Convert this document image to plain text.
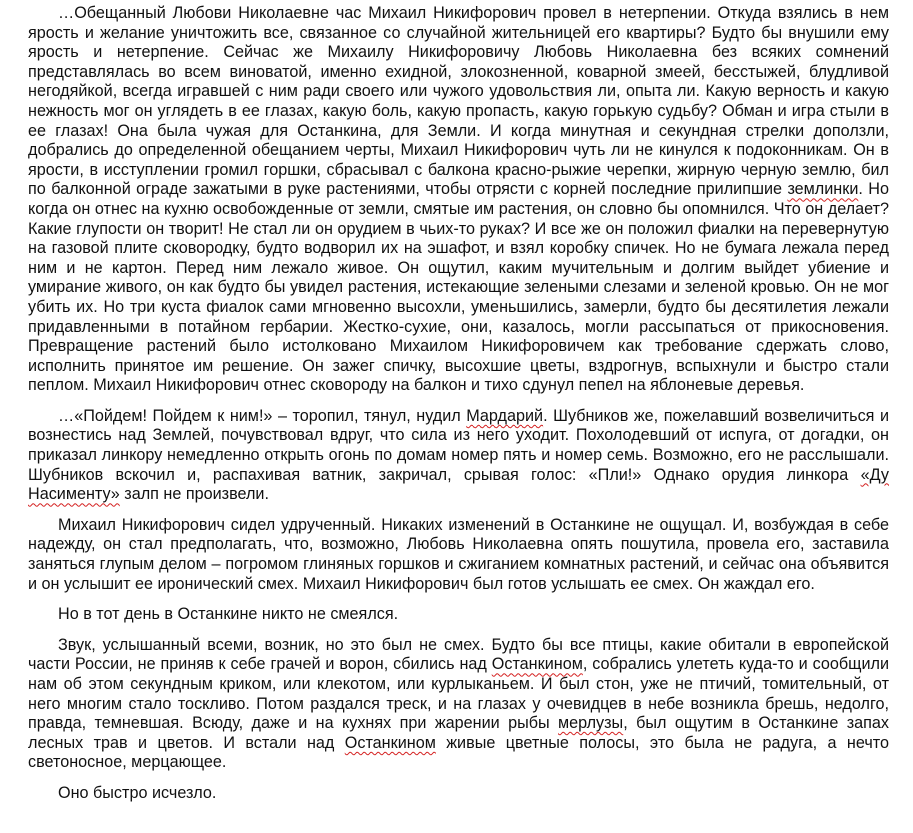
…Обещанный Любови Николаевне час Михаил Никифорович провел в нетерпении. Откуда взялись в нем ярость и желание уничтожить все, связанное со случайной жительницей его квартиры? Будто бы внушили ему ярость и нетерпение. Сейчас же Михаилу Никифоровичу Любовь Николаевна без всяких сомнений представлялась во всем виноватой, именно ехидной, злокозненной, коварной змеей, бесстыжей, блудливой негодяйкой, всегда игравшей с ним ради своего или чужого удовольствия ли, опыта ли. Какую верность и какую нежность мог он углядеть в ее глазах, какую боль, какую пропасть, какую горькую судьбу? Обман и игра стыли в ее глазах! Она была чужая для Останкина, для Земли. И когда минутная и секундная стрелки доползли, добрались до определенной обещанием черты, Михаил Никифорович чуть ли не кинулся к подоконникам. Он в ярости, в исступлении громил горшки, сбрасывал с балкона красно-рыжие черепки, жирную черную землю, бил по балконной ограде зажатыми в руке растениями, чтобы отрясти с корней последние прилипшие землинки. Но когда он отнес на кухню освобожденные от земли, смятые им растения, он словно бы опомнился. Что он делает? Какие глупости он творит! Не стал ли он орудием в чьих-то руках? И все же он положил фиалки на перевернутую на газовой плите сковородку, будто водворил их на эшафот, и взял коробку спичек. Но не бумага лежала перед ним и не картон. Перед ним лежало живое. Он ощутил, каким мучительным и долгим выйдет убиение и умирание живого, он как будто бы увидел растения, истекающие зелеными слезами и зеленой кровью. Он не мог убить их. Но три куста фиалок сами мгновенно высохли, уменьшились, замерли, будто бы десятилетия лежали придавленными в потайном гербарии. Жестко-сухие, они, казалось, могли рассыпаться от прикосновения. Превращение растений было истолковано Михаилом Никифоровичем как требование сдержать слово, исполнить принятое им решение. Он зажег спичку, высохшие цветы, вздрогнув, вспыхнули и быстро стали пеплом. Михаил Никифорович отнес сковороду на балкон и тихо сдунул пепел на яблоневые деревья.

…«Пойдем! Пойдем к ним!» – торопил, тянул, нудил Мардарий. Шубников же, пожелавший возвеличиться и вознестись над Землей, почувствовал вдруг, что сила из него уходит. Похолодевший от испуга, от догадки, он приказал линкору немедленно открыть огонь по домам номер пять и номер семь. Возможно, его не расслышали. Шубников вскочил и, распахивая ватник, закричал, срывая голос: «Пли!» Однако орудия линкора «Ду Насименту» залп не произвели.

Михаил Никифорович сидел удрученный. Никаких изменений в Останкине не ощущал. И, возбуждая в себе надежду, он стал предполагать, что, возможно, Любовь Николаевна опять пошутила, провела его, заставила заняться глупым делом – погромом глиняных горшков и сжиганием комнатных растений, и сейчас она объявится и он услышит ее иронический смех. Михаил Никифорович был готов услышать ее смех. Он жаждал его.

Но в тот день в Останкине никто не смеялся.

Звук, услышанный всеми, возник, но это был не смех. Будто бы все птицы, какие обитали в европейской части России, не приняв к себе грачей и ворон, сбились над Останкином, собрались улететь куда-то и сообщили нам об этом секундным криком, или клекотом, или курлыканьем. И был стон, уже не птичий, томительный, от него многим стало тоскливо. Потом раздался треск, и на глазах у очевидцев в небе возникла брешь, недолго, правда, темневшая. Всюду, даже и на кухнях при жарении рыбы мерлузы, был ощутим в Останкине запах лесных трав и цветов. И встали над Останкином живые цветные полосы, это была не радуга, а нечто светоносное, мерцающее.

Оно быстро исчезло.
